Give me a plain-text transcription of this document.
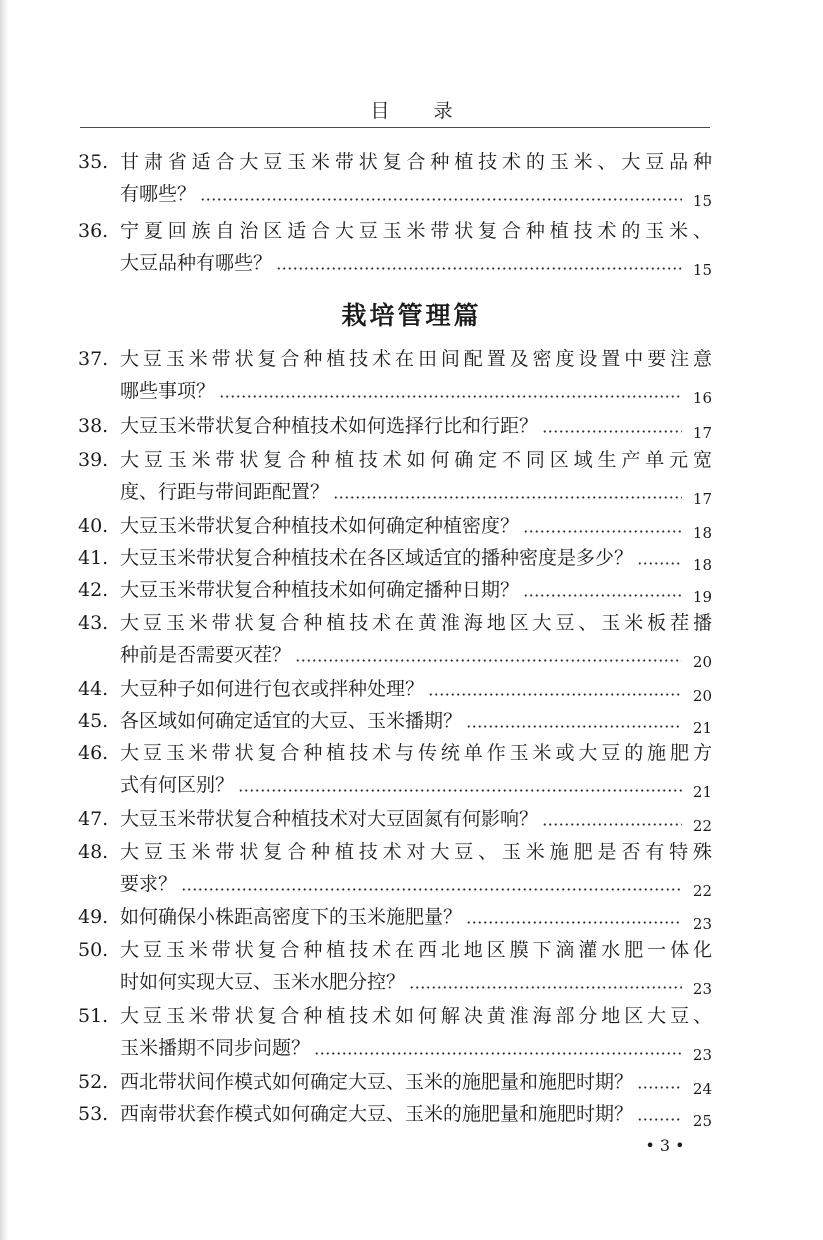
目录
35. 甘肃省适合大豆玉米带状复合种植技术的玉米、大豆品种
有哪些？	15
36. 宁夏回族自治区适合大豆玉米带状复合种植技术的玉米、
大豆品种有哪些？	15
栽培管理篇
37. 大豆玉米带状复合种植技术在田间配置及密度设置中要注意
哪些事项？	16
38. 大豆玉米带状复合种植技术如何选择行比和行距？	17
39. 大豆玉米带状复合种植技术如何确定不同区域生产单元宽
度、行距与带间距配置？	17
40. 大豆玉米带状复合种植技术如何确定种植密度？	18
41. 大豆玉米带状复合种植技术在各区域适宜的播种密度是多少？	18
42. 大豆玉米带状复合种植技术如何确定播种日期？	19
43. 大豆玉米带状复合种植技术在黄淮海地区大豆、玉米板茬播
种前是否需要灭茬？	20
44. 大豆种子如何进行包衣或拌种处理？	20
45. 各区域如何确定适宜的大豆、玉米播期？	21
46. 大豆玉米带状复合种植技术与传统单作玉米或大豆的施肥方
式有何区别？	21
47. 大豆玉米带状复合种植技术对大豆固氮有何影响？	22
48. 大豆玉米带状复合种植技术对大豆、玉米施肥是否有特殊
要求？	22
49. 如何确保小株距高密度下的玉米施肥量？	23
50. 大豆玉米带状复合种植技术在西北地区膜下滴灌水肥一体化
时如何实现大豆、玉米水肥分控？	23
51. 大豆玉米带状复合种植技术如何解决黄淮海部分地区大豆、
玉米播期不同步问题？	23
52. 西北带状间作模式如何确定大豆、玉米的施肥量和施肥时期？	24
53. 西南带状套作模式如何确定大豆、玉米的施肥量和施肥时期？	25
• 3 •
